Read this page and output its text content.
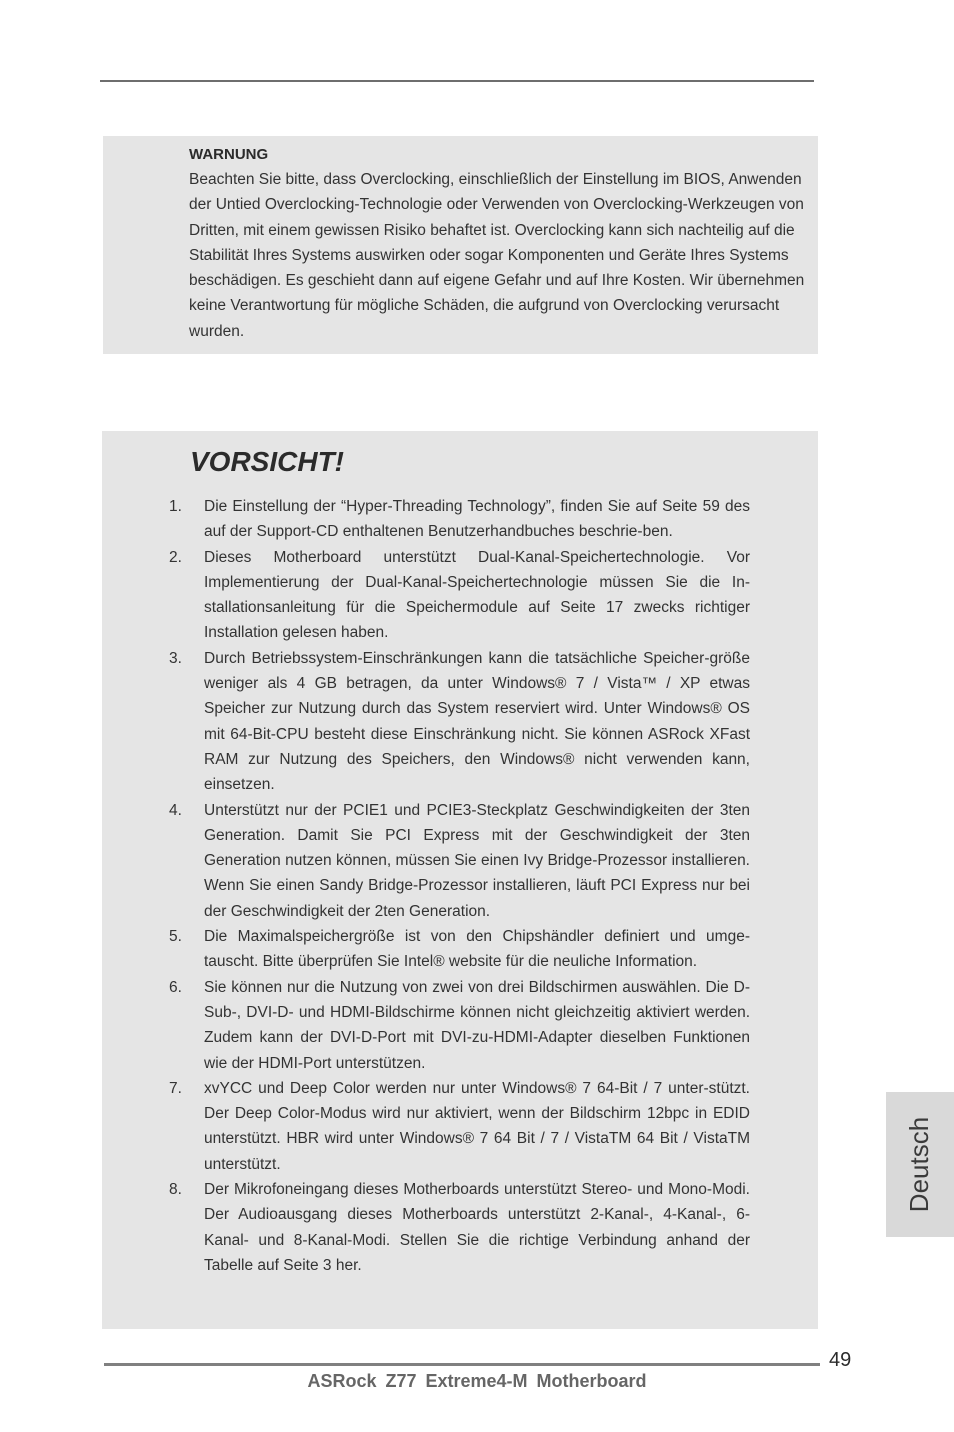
WARNUNG
Beachten Sie bitte, dass Overclocking, einschließlich der Einstellung im BIOS, Anwenden der Untied Overclocking-Technologie oder Verwenden von Overclocking-Werkzeugen von Dritten, mit einem gewissen Risiko behaftet ist. Overclocking kann sich nachteilig auf die Stabilität Ihres Systems auswirken oder sogar Komponenten und Geräte Ihres Systems beschädigen. Es geschieht dann auf eigene Gefahr und auf Ihre Kosten. Wir übernehmen keine Verantwortung für mögliche Schäden, die aufgrund von Overclocking verursacht wurden.
VORSICHT!
1. Die Einstellung der “Hyper-Threading Technology”, finden Sie auf Seite 59 des auf der Support-CD enthaltenen Benutzerhandbuches beschrie-ben.
2. Dieses Motherboard unterstützt Dual-Kanal-Speichertechnologie. Vor Implementierung der Dual-Kanal-Speichertechnologie müssen Sie die In-stallationsanleitung für die Speichermodule auf Seite 17 zwecks richtiger Installation gelesen haben.
3. Durch Betriebssystem-Einschränkungen kann die tatsächliche Speicher-größe weniger als 4 GB betragen, da unter Windows® 7 / Vista™ / XP etwas Speicher zur Nutzung durch das System reserviert wird. Unter Windows® OS mit 64-Bit-CPU besteht diese Einschränkung nicht. Sie können ASRock XFast RAM zur Nutzung des Speichers, den Windows® nicht verwenden kann, einsetzen.
4. Unterstützt nur der PCIE1 und PCIE3-Steckplatz Geschwindigkeiten der 3ten Generation. Damit Sie PCI Express mit der Geschwindigkeit der 3ten Generation nutzen können, müssen Sie einen Ivy Bridge-Prozessor installieren. Wenn Sie einen Sandy Bridge-Prozessor installieren, läuft PCI Express nur bei der Geschwindigkeit der 2ten Generation.
5. Die Maximalspeichergröße ist von den Chipshändler definiert und umge-tauscht. Bitte überprüfen Sie Intel® website für die neuliche Information.
6. Sie können nur die Nutzung von zwei von drei Bildschirmen auswählen. Die D-Sub-, DVI-D- und HDMI-Bildschirme können nicht gleichzeitig aktiviert werden. Zudem kann der DVI-D-Port mit DVI-zu-HDMI-Adapter dieselben Funktionen wie der HDMI-Port unterstützen.
7. xvYCC und Deep Color werden nur unter Windows® 7 64-Bit / 7 unter-stützt. Der Deep Color-Modus wird nur aktiviert, wenn der Bildschirm 12bpc in EDID unterstützt. HBR wird unter Windows® 7 64 Bit / 7 / VistaTM 64 Bit / VistaTM unterstützt.
8. Der Mikrofoneingang dieses Motherboards unterstützt Stereo- und Mono-Modi. Der Audioausgang dieses Motherboards unterstützt 2-Kanal-, 4-Kanal-, 6-Kanal- und 8-Kanal-Modi. Stellen Sie die richtige Verbindung anhand der Tabelle auf Seite 3 her.
Deutsch
49
ASRock Z77 Extreme4-M Motherboard
